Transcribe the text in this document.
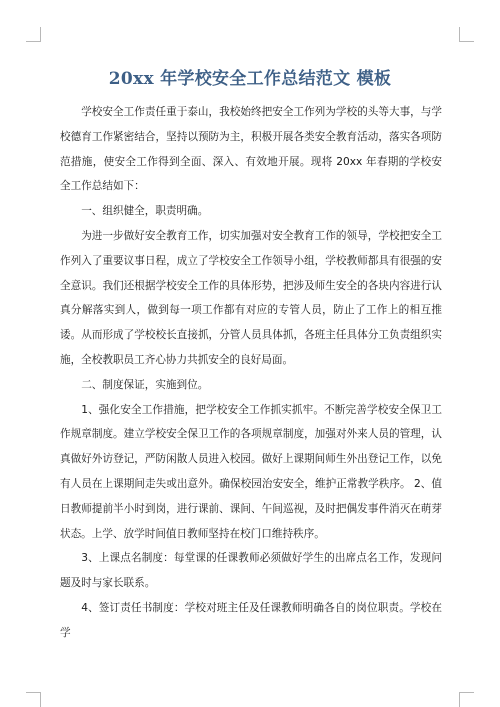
20xx 年学校安全工作总结范文 模板

学校安全工作责任重于泰山，我校始终把安全工作列为学校的头等大事，与学校德育工作紧密结合，坚持以预防为主，积极开展各类安全教育活动，落实各项防范措施，使安全工作得到全面、深入、有效地开展。现将 20xx 年春期的学校安全工作总结如下：

一、组织健全，职责明确。

为进一步做好安全教育工作，切实加强对安全教育工作的领导，学校把安全工作列入了重要议事日程，成立了学校安全工作领导小组，学校教师都具有很强的安全意识。我们还根据学校安全工作的具体形势，把涉及师生安全的各块内容进行认真分解落实到人，做到每一项工作都有对应的专管人员，防止了工作上的相互推诿。从而形成了学校校长直接抓，分管人员具体抓，各班主任具体分工负责组织实施，全校教职员工齐心协力共抓安全的良好局面。

二、制度保证，实施到位。

1、强化安全工作措施，把学校安全工作抓实抓牢。不断完善学校安全保卫工作规章制度。建立学校安全保卫工作的各项规章制度，加强对外来人员的管理，认真做好外访登记，严防闲散人员进入校园。做好上课期间师生外出登记工作，以免有人员在上课期间走失或出意外。确保校园治安安全，维护正常教学秩序。 2、值日教师提前半小时到岗，进行课前、课间、午间巡视，及时把偶发事件消灭在萌芽状态。上学、放学时间值日教师坚持在校门口维持秩序。

3、上课点名制度：每堂课的任课教师必须做好学生的出席点名工作，发现问题及时与家长联系。

4、签订责任书制度：学校对班主任及任课教师明确各自的岗位职责。学校在学
